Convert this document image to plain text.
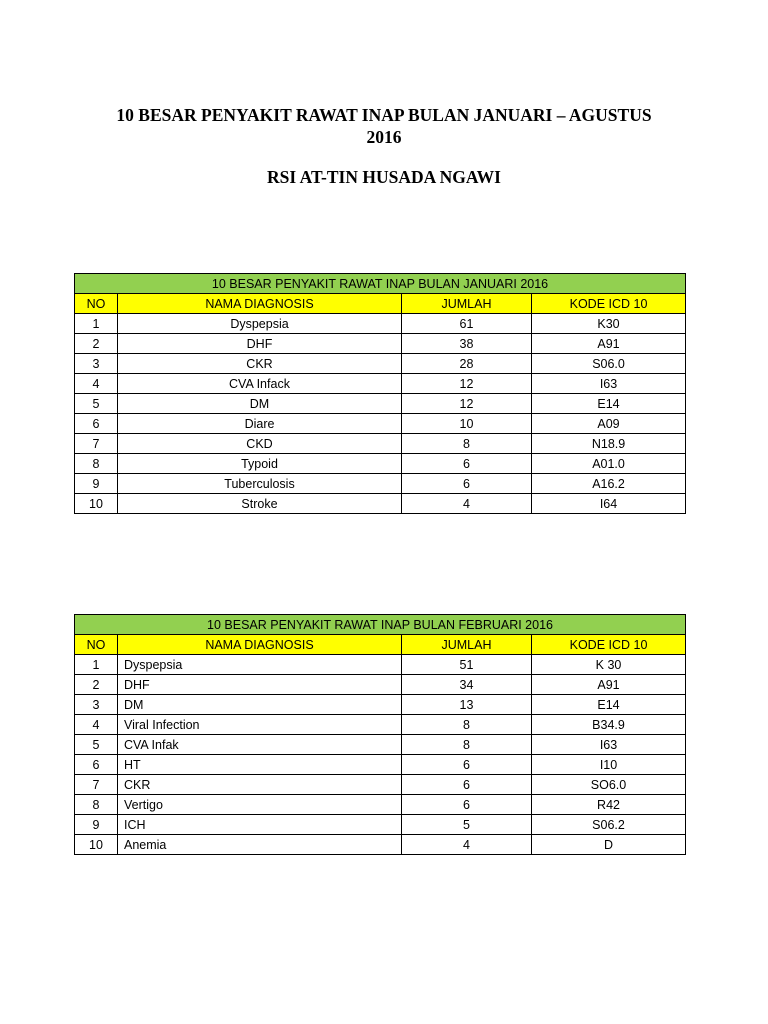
10 BESAR PENYAKIT RAWAT INAP BULAN JANUARI – AGUSTUS 2016
RSI AT-TIN HUSADA NGAWI
10 BESAR PENYAKIT RAWAT INAP BULAN JANUARI 2016			
NO	NAMA DIAGNOSIS	JUMLAH	KODE ICD 10
1	Dyspepsia	61	K30
2	DHF	38	A91
3	CKR	28	S06.0
4	CVA Infack	12	I63
5	DM	12	E14
6	Diare	10	A09
7	CKD	8	N18.9
8	Typoid	6	A01.0
9	Tuberculosis	6	A16.2
10	Stroke	4	I64
10 BESAR PENYAKIT RAWAT INAP BULAN FEBRUARI 2016			
NO	NAMA DIAGNOSIS	JUMLAH	KODE ICD 10
1	Dyspepsia	51	K 30
2	DHF	34	A91
3	DM	13	E14
4	Viral Infection	8	B34.9
5	CVA Infak	8	I63
6	HT	6	I10
7	CKR	6	SO6.0
8	Vertigo	6	R42
9	ICH	5	S06.2
10	Anemia	4	D
